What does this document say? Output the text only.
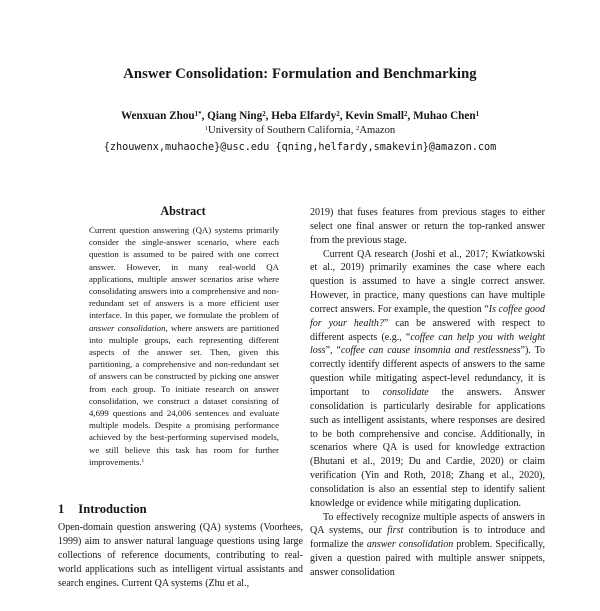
Answer Consolidation: Formulation and Benchmarking
Wenxuan Zhou$^{1*}$, Qiang Ning$^2$, Heba Elfardy$^2$, Kevin Small$^2$, Muhao Chen$^1$
$^1$University of Southern California, $^2$Amazon
{zhouwenx,muhaoche}@usc.edu {qning,helfardy,smakevin}@amazon.com
Abstract

Current question answering (QA) systems primarily consider the single-answer scenario, where each question is assumed to be paired with one correct answer. However, in many real-world QA applications, multiple answer scenarios arise where consolidating answers into a comprehensive and non-redundant set of answers is a more efficient user interface. In this paper, we formulate the problem of answer consolidation, where answers are partitioned into multiple groups, each representing different aspects of the answer set. Then, given this partitioning, a comprehensive and non-redundant set of answers can be constructed by picking one answer from each group. To initiate research on answer consolidation, we construct a dataset consisting of 4,699 questions and 24,006 sentences and evaluate multiple models. Despite a promising performance achieved by the best-performing supervised models, we still believe this task has room for further improvements.$^1$

1 Introduction

Open-domain question answering (QA) systems (Voorhees, 1999) aim to answer natural language questions using large collections of reference documents, contributing to real-world applications such as intelligent virtual assistants and search engines. Current QA systems (Zhu et al.,

2019) that fuses features from previous stages to either select one final answer or return the top-ranked answer from the previous stage.

Current QA research (Joshi et al., 2017; Kwiatkowski et al., 2019) primarily examines the case where each question is assumed to have a single correct answer. However, in practice, many questions can have multiple correct answers. For example, the question “Is coffee good for your health?” can be answered with respect to different aspects (e.g., “coffee can help you with weight loss”, “coffee can cause insomnia and restlessness”). To correctly identify different aspects of answers to the same question while mitigating aspect-level redundancy, it is important to consolidate the answers. Answer consolidation is particularly desirable for applications such as intelligent assistants, where responses are desired to be both comprehensive and concise. Additionally, in scenarios where QA is used for knowledge extraction (Bhutani et al., 2019; Du and Cardie, 2020) or claim verification (Yin and Roth, 2018; Zhang et al., 2020), consolidation is also an essential step to identify salient knowledge or evidence while mitigating duplication.

To effectively recognize multiple aspects of answers in QA systems, our first contribution is to introduce and formalize the answer consolidation problem. Specifically, given a question paired with multiple answer snippets, answer consolidation
